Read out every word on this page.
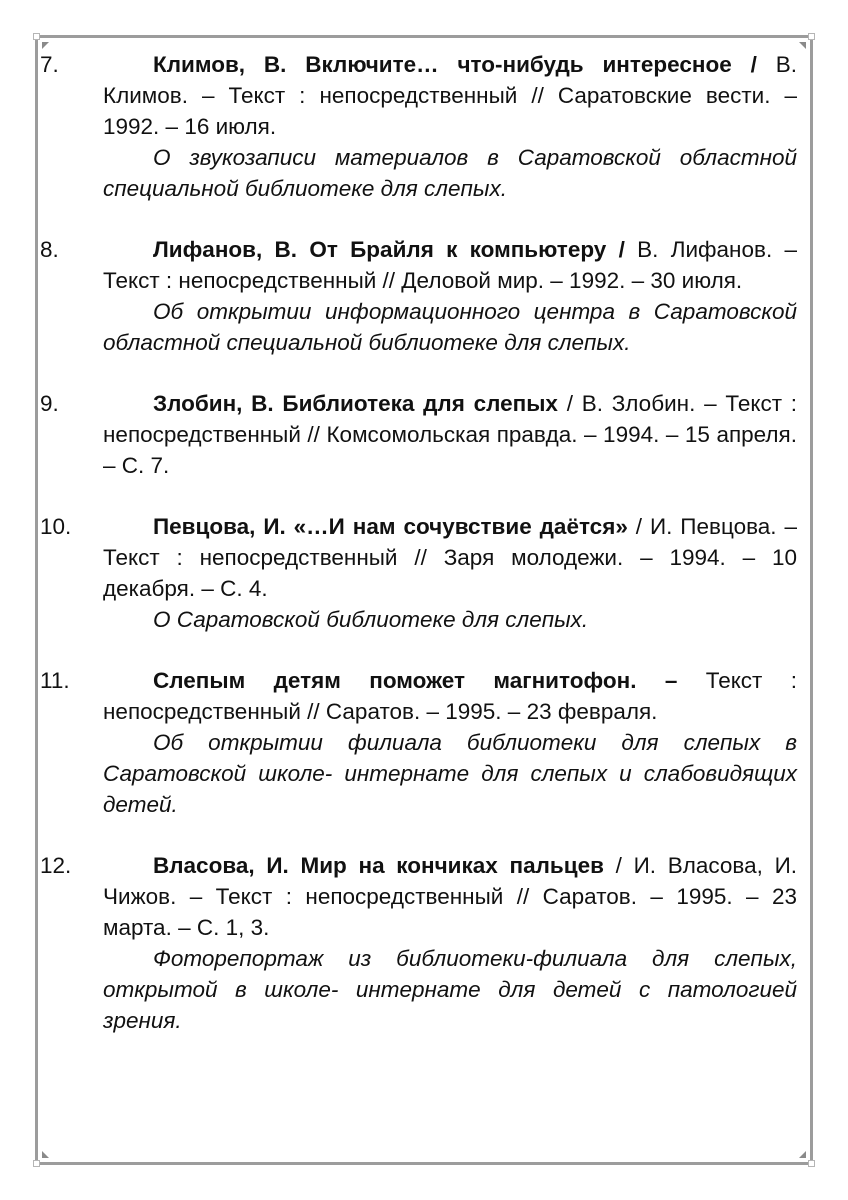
7.	Климов, В. Включите… что-нибудь интересное / В. Климов. – Текст : непосредственный // Саратовские вести. – 1992. – 16 июля.
О звукозаписи материалов в Саратовской областной специальной библиотеке для слепых.
8.	Лифанов, В. От Брайля к компьютеру / В. Лифанов. – Текст : непосредственный // Деловой мир. – 1992. – 30 июля.
Об открытии информационного центра в Саратовской областной специальной библиотеке для слепых.
9.	Злобин, В. Библиотека для слепых / В. Злобин. – Текст : непосредственный // Комсомольская правда. – 1994. – 15 апреля. – С. 7.
10.	Певцова, И. «…И нам сочувствие даётся» / И. Певцова. – Текст : непосредственный // Заря молодежи. – 1994. – 10 декабря. – С. 4.
О Саратовской библиотеке для слепых.
11.	Слепым детям поможет магнитофон. – Текст : непосредственный // Саратов. – 1995. – 23 февраля.
Об открытии филиала библиотеки для слепых в Саратовской школе- интернате для слепых и слабовидящих детей.
12.	Власова, И. Мир на кончиках пальцев / И. Власова, И. Чижов. – Текст : непосредственный // Саратов. – 1995. – 23 марта. – С. 1, 3.
Фоторепортаж из библиотеки-филиала для слепых, открытой в школе- интернате для детей с патологией зрения.
